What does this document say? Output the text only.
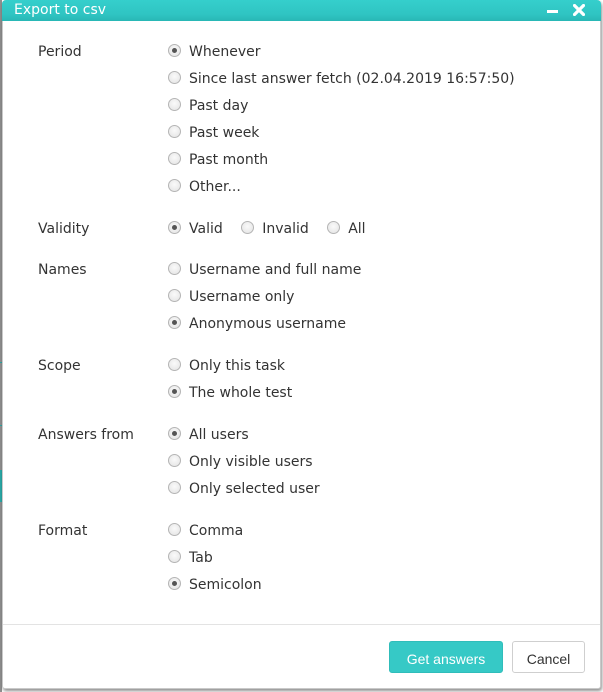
Export to csv
Period	Whenever
Since last answer fetch (02.04.2019 16:57:50)
Past day
Past week
Past month
Other...
Validity	Valid	Invalid	All
Names	Username and full name
Username only
Anonymous username
Scope	Only this task
The whole test
Answers from	All users
Only visible users
Only selected user
Format	Comma
Tab
Semicolon
Get answers	Cancel
